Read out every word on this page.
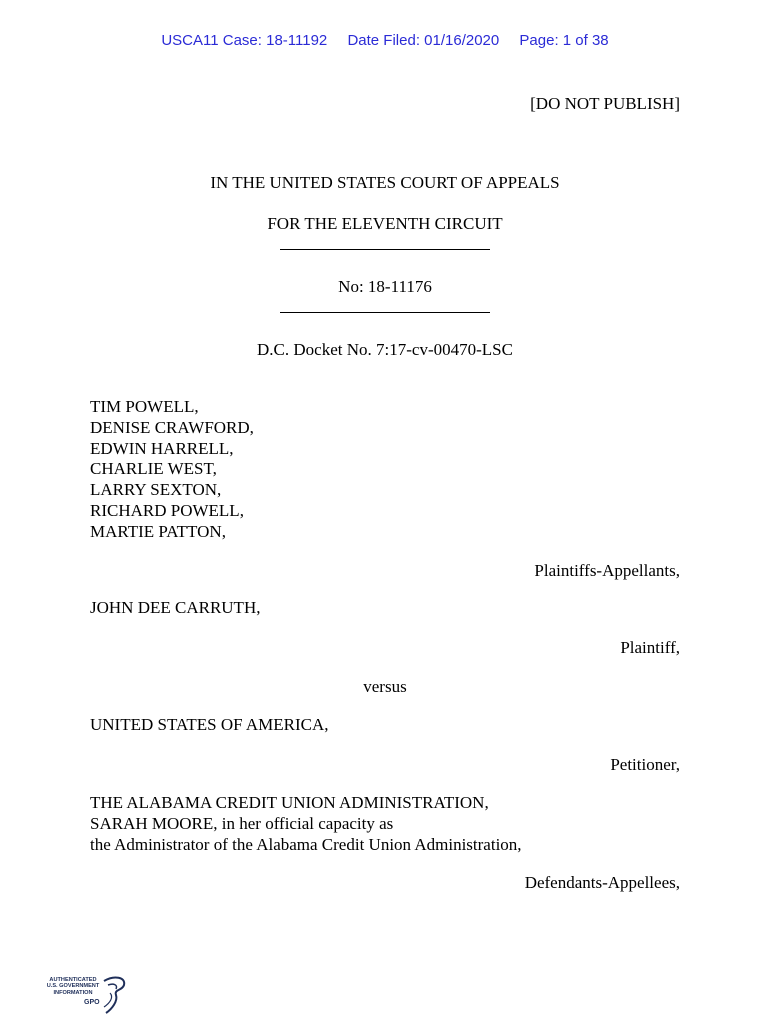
USCA11 Case: 18-11192 Date Filed: 01/16/2020 Page: 1 of 38
[DO NOT PUBLISH]
IN THE UNITED STATES COURT OF APPEALS
FOR THE ELEVENTH CIRCUIT
No: 18-11176
D.C. Docket No. 7:17-cv-00470-LSC
TIM POWELL,
DENISE CRAWFORD,
EDWIN HARRELL,
CHARLIE WEST,
LARRY SEXTON,
RICHARD POWELL,
MARTIE PATTON,
Plaintiffs-Appellants,
JOHN DEE CARRUTH,
Plaintiff,
versus
UNITED STATES OF AMERICA,
Petitioner,
THE ALABAMA CREDIT UNION ADMINISTRATION,
SARAH MOORE, in her official capacity as
the Administrator of the Alabama Credit Union Administration,
Defendants-Appellees,
AUTHENTICATED
U.S. GOVERNMENT
INFORMATION
GPO
